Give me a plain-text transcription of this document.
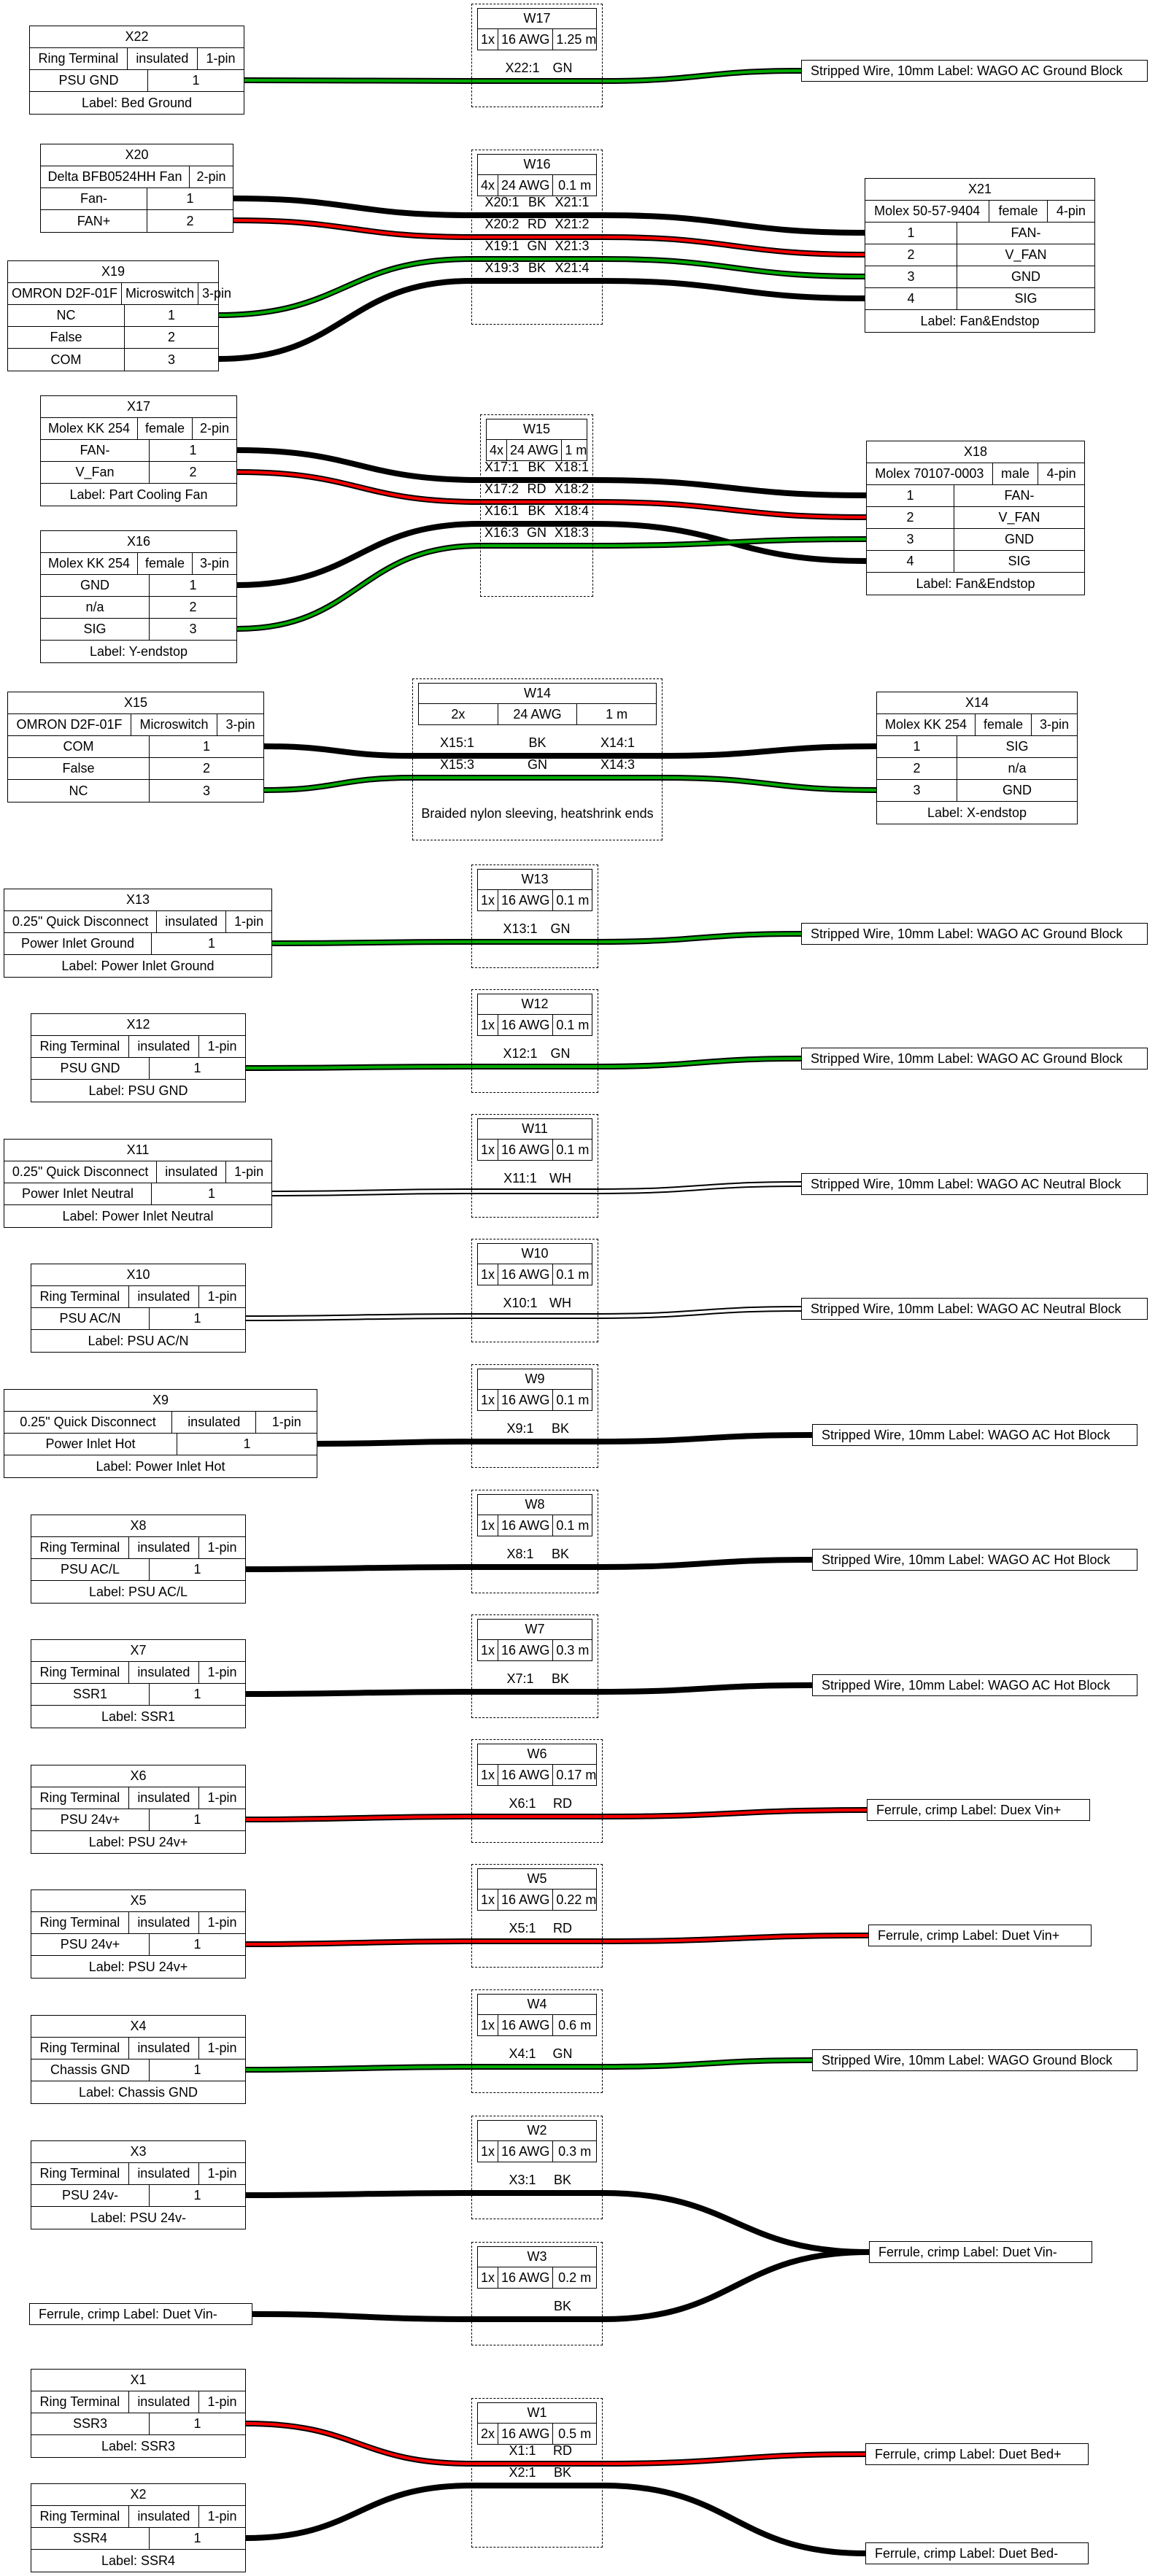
X22
Ring Terminal	insulated	1-pin
PSU GND	1
Label: Bed Ground
X20
Delta BFB0524HH Fan	2-pin
Fan-	1
FAN+	2
X21
Molex 50-57-9404	female	4-pin
1	FAN-
2	V_FAN
3	GND
4	SIG
Label: Fan&Endstop
X19
OMRON D2F-01F Microswitch 3-pin
NC	1
False	2
COM	3
X17
Molex KK 254	female	2-pin
FAN-	1
V_Fan	2
Label: Part Cooling Fan
X18
Molex 70107-0003	male	4-pin
1	FAN-
2	V_FAN
3	GND
4	SIG
Label: Fan&Endstop
X16
Molex KK 254	female	3-pin
GND	1
n/a	2
SIG	3
Label: Y-endstop
X15
OMRON D2F-01F	Microswitch	3-pin
COM	1
False	2
NC	3
X14
Molex KK 254	female	3-pin
1	SIG
2	n/a
3	GND
Label: X-endstop
X13
0.25" Quick Disconnect	insulated	1-pin
Power Inlet Ground	1
Label: Power Inlet Ground
X12
Ring Terminal	insulated	1-pin
PSU GND	1
Label: PSU GND
X11
0.25" Quick Disconnect	insulated	1-pin
Power Inlet Neutral	1
Label: Power Inlet Neutral
X10
Ring Terminal	insulated	1-pin
PSU AC/N	1
Label: PSU AC/N
X9
0.25" Quick Disconnect	insulated	1-pin
Power Inlet Hot	1
Label: Power Inlet Hot
X8
Ring Terminal	insulated	1-pin
PSU AC/L	1
Label: PSU AC/L
X7
Ring Terminal	insulated	1-pin
SSR1	1
Label: SSR1
X6
Ring Terminal	insulated	1-pin
PSU 24v+	1
Label: PSU 24v+
X5
Ring Terminal	insulated	1-pin
PSU 24v+	1
Label: PSU 24v+
X4
Ring Terminal	insulated	1-pin
Chassis GND	1
Label: Chassis GND
X3
Ring Terminal	insulated	1-pin
PSU 24v-	1
Label: PSU 24v-
X1
Ring Terminal	insulated	1-pin
SSR3	1
Label: SSR3
X2
Ring Terminal	insulated	1-pin
SSR4	1
Label: SSR4
W17
1x 16 AWG 1.25 m
X22:1 GN
W16
4x 24 AWG 0.1 m
X20:1 BK X21:1
X20:2 RD X21:2
X19:1 GN X21:3
X19:3 BK X21:4
W15
4x 24 AWG 1 m
X17:1 BK X18:1
X17:2 RD X18:2
X16:1 BK X18:4
X16:3 GN X18:3
W14
2x	24 AWG	1 m
X15:1	BK	X14:1
X15:3	GN	X14:3
Braided nylon sleeving, heatshrink ends
W13
1x 16 AWG 0.1 m
X13:1 GN
W12
1x 16 AWG 0.1 m
X12:1 GN
W11
1x 16 AWG 0.1 m
X11:1 WH
W10
1x 16 AWG 0.1 m
X10:1 WH
W9
1x 16 AWG 0.1 m
X9:1	BK
W8
1x 16 AWG 0.1 m
X8:1	BK
W7
1x 16 AWG 0.3 m
X7:1	BK
W6
1x 16 AWG 0.17 m
X6:1	RD
W5
1x 16 AWG 0.22 m
X5:1	RD
W4
1x 16 AWG 0.6 m
X4:1	GN
W2
1x 16 AWG 0.3 m
X3:1	BK
W3
1x 16 AWG 0.2 m
BK
W1
2x 16 AWG 0.5 m
X1:1	RD
X2:1	BK
Stripped Wire, 10mm Label: WAGO AC Ground Block
Stripped Wire, 10mm Label: WAGO AC Ground Block
Stripped Wire, 10mm Label: WAGO AC Ground Block
Stripped Wire, 10mm Label: WAGO AC Neutral Block
Stripped Wire, 10mm Label: WAGO AC Neutral Block
Stripped Wire, 10mm Label: WAGO AC Hot Block
Stripped Wire, 10mm Label: WAGO AC Hot Block
Stripped Wire, 10mm Label: WAGO AC Hot Block
Ferrule, crimp Label: Duex Vin+
Ferrule, crimp Label: Duet Vin+
Stripped Wire, 10mm Label: WAGO Ground Block
Ferrule, crimp Label: Duet Vin-
Ferrule, crimp Label: Duet Vin-
Ferrule, crimp Label: Duet Bed+
Ferrule, crimp Label: Duet Bed-
